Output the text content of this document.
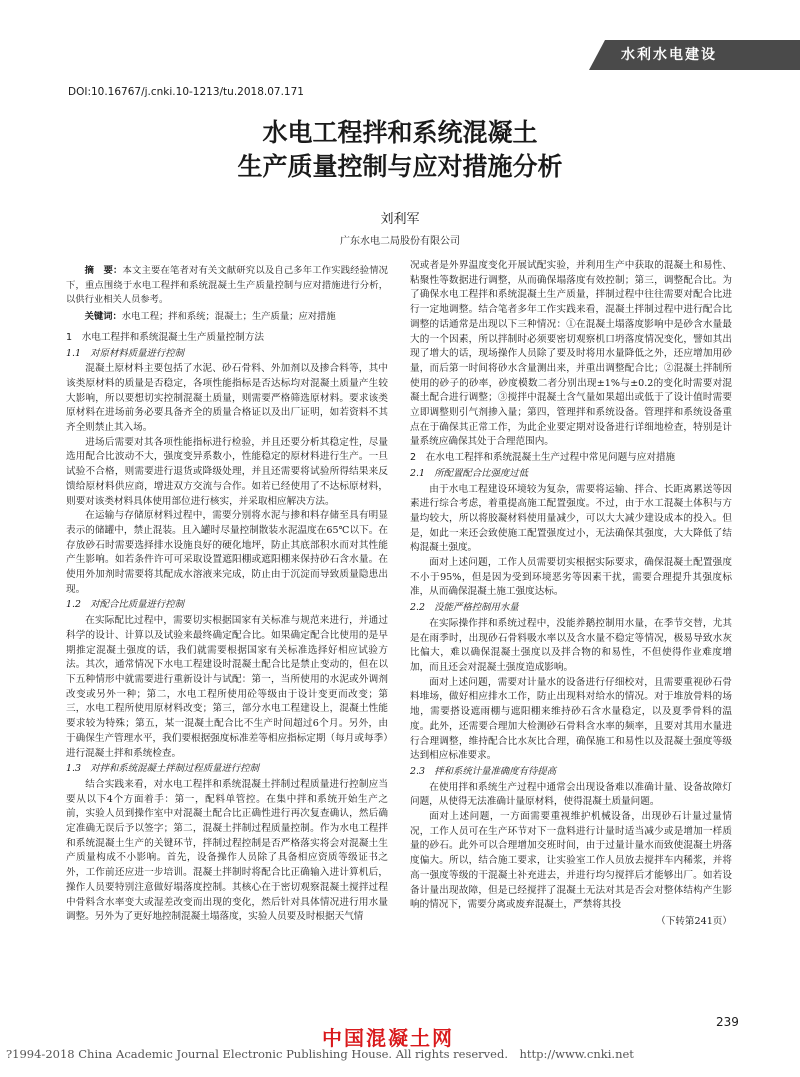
水利水电建设
DOI:10.16767/j.cnki.10-1213/tu.2018.07.171
水电工程拌和系统混凝土
生产质量控制与应对措施分析
刘利军
广东水电二局股份有限公司

摘　要：本文主要在笔者对有关文献研究以及自己多年工作实践经验情况下，重点围绕于水电工程拌和系统混凝土生产质量控制与应对措施进行分析，以供行业相关人员参考。

关键词：水电工程；拌和系统；混凝土；生产质量；应对措施

1　水电工程拌和系统混凝土生产质量控制方法
1.1　对原材料质量进行控制

混凝土原材料主要包括了水泥、砂石骨料、外加剂以及掺合料等，其中该类原材料的质量是否稳定，各项性能指标是否达标均对混凝土质量产生较大影响，所以要想切实控制混凝土质量，则需要严格筛选原材料。要求该类原材料在进场前务必要具备齐全的质量合格证以及出厂证明，如若资料不其齐全则禁止其入场。

进场后需要对其各项性能指标进行检验，并且还要分析其稳定性，尽量选用配合比波动不大，强度变异系数小，性能稳定的原材料进行生产。一旦试验不合格，则需要进行退货或降级处理，并且还需要将试验所得结果来反馈给原材料供应商，增进双方交流与合作。如若已经使用了不达标原材料，则要对该类材料具体使用部位进行核实，并采取相应解决方法。

在运输与存储原材料过程中，需要分别将水泥与掺和料存储至具有明显表示的储罐中，禁止混装。且入罐时尽量控制散装水泥温度在65℃以下。在存放砂石时需要选择排水设施良好的硬化地坪，防止其底部积水而对其性能产生影响。如若条件许可可采取设置遮阳棚或遮阳棚来保持砂石含水量。在使用外加剂时需要将其配成水溶液来完成，防止由于沉淀而导致质量隐患出现。

1.2　对配合比质量进行控制

在实际配比过程中，需要切实根据国家有关标准与规范来进行，并通过科学的设计、计算以及试验来最终确定配合比。如果确定配合比使用的是早期推定混凝土强度的话，我们就需要根据国家有关标准选择好相应试验方法。其次，通常情况下水电工程建设时混凝土配合比是禁止变动的，但在以下五种情形中就需要进行重新设计与试配：第一，当所使用的水泥或外调剂改变或另外一种；第二，水电工程所使用砼等级由于设计变更而改变；第三，水电工程所使用原材料改变；第三，部分水电工程建设上，混凝土性能要求较为特殊；第五，某一混凝土配合比不生产时间超过6个月。另外，由于确保生产管理水平，我们要根据强度标准差等相应指标定期（每月或每季）进行混凝土拌和系统检查。

1.3　对拌和系统混凝土拌制过程质量进行控制

结合实践来看，对水电工程拌和系统混凝土拌制过程质量进行控制应当要从以下4个方面着手：第一，配料单管控。在集中拌和系统开始生产之前，实验人员到操作室中对混凝土配合比正确性进行再次复查确认，然后确定准确无误后予以签字；第二，混凝土拌制过程质量控制。作为水电工程拌和系统混凝土生产的关键环节，拌制过程控制是否严格落实将会对混凝土生产质量构成不小影响。首先，设备操作人员除了具备相应资质等级证书之外，工作前还应进一步培训。混凝土拌制时将配合比正确输入进计算机后，操作人员要特别注意做好塌落度控制。其核心在于密切观察混凝土搅拌过程中骨料含水率变大或湿差改变而出现的变化，然后针对具体情况进行用水量调整。另外为了更好地控制混凝土塌落度，实验人员要及时根据天气情

况或者是外界温度变化开展试配实验，并利用生产中获取的混凝土和易性、粘聚性等数据进行调整，从而确保塌落度有效控制；第三，调整配合比。为了确保水电工程拌和系统混凝土生产质量，拌制过程中往往需要对配合比进行一定地调整。结合笔者多年工作实践来看，混凝土拌制过程中进行配合比调整的话通常是出现以下三种情况：①在混凝土塌落度影响中是砂含水量最大的一个因素，所以拌制时必须要密切观察机口坍落度情况变化，譬如其出现了增大的话，现场操作人员除了要及时将用水量降低之外，还应增加用砂量，而后第一时间将砂水含量测出来，并重出调整配合比；②混凝土拌制所使用的砂子的砂率，砂度模数二者分别出现±1%与±0.2的变化时需要对混凝土配合进行调整；③搅拌中混凝土含气量如果超出或低于了设计值时需要立即调整则引气剂掺入量；第四，管理拌和系统设备。管理拌和系统设备重点在于确保其正常工作，为此企业要定期对设备进行详细地检查，特别是计量系统应确保其处于合理范围内。

2　在水电工程拌和系统混凝土生产过程中常见问题与应对措施
2.1　所配置配合比强度过低

由于水电工程建设环境较为复杂，需要将运输、拌合、长距离累送等因素进行综合考虑，着重提高施工配置强度。不过，由于水工混凝土体积与方量均较大，所以将胶凝材料使用量减少，可以大大减少建设成本的投入。但是，如此一来还会致使施工配置强度过小，无法确保其强度，大大降低了结构混凝土强度。

面对上述问题，工作人员需要切实根据实际要求，确保混凝土配置强度不小于95%，但是因为受到环境恶劣等因素干扰，需要合理提升其强度标准，从而确保混凝土施工强度达标。

2.2　没能严格控制用水量

在实际操作拌和系统过程中，没能养鹅控制用水量，在季节交替，尤其是在雨季时，出现砂石骨料吸水率以及含水量不稳定等情况，极易导致水灰比偏大，难以确保混凝土强度以及拌合物的和易性，不但使得作业难度增加，而且还会对混凝土强度造成影响。

面对上述问题，需要对计量水的设备进行仔细校对，且需要重视砂石骨料堆场，做好相应排水工作，防止出现料对给水的情况。对于堆放骨料的场地，需要搭设遮雨棚与遮阳棚来维持砂石含水量稳定，以及夏季骨料的温度。此外，还需要合理加大检测砂石骨料含水率的频率，且要对其用水量进行合理调整，维持配合比水灰比合理，确保施工和易性以及混凝土强度等级达到相应标准要求。

2.3　拌和系统计量准确度有待提高

在使用拌和系统生产过程中通常会出现设备难以准确计量、设备故障灯问题，从使得无法准确计量原材料，使得混凝土质量问题。

面对上述问题，一方面需要重视维护机械设备，出现砂石计量过量情况，工作人员可在生产环节对下一盘料进行计量时适当减少或是增加一样质量的砂石。此外可以合理增加交班时间，由于过量计量水而致使混凝土坍落度偏大。所以，结合施工要求，让实验室工作人员放去搅拌车内稀浆，并将高一强度等级的干混凝土补充进去，并进行均匀搅拌后才能够出厂。如若设备计量出现故障，但是已经搅拌了混凝土无法对其是否会对整体结构产生影响的情况下，需要分离或废弃混凝土，严禁将其投

（下转第241页）
239
中国混凝土网
?1994-2018 China Academic Journal Electronic Publishing House. All rights reserved.　http://www.cnki.net
